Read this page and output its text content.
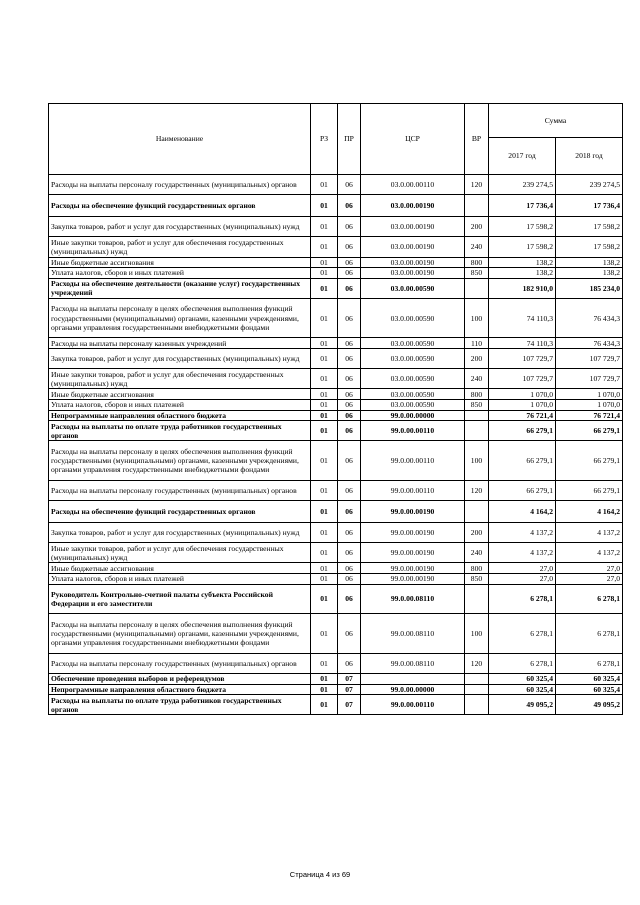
Наименование	РЗ	ПР	ЦСР	ВР	Сумма	
					2017 год	2018 год
Расходы на выплаты персоналу государственных (муниципальных) органов	01	06	03.0.00.00110	120	239 274,5	239 274,5
Расходы на обеспечение функций государственных органов	01	06	03.0.00.00190		17 736,4	17 736,4
Закупка товаров, работ и услуг для государственных (муниципальных) нужд	01	06	03.0.00.00190	200	17 598,2	17 598,2
Иные закупки товаров, работ и услуг для обеспечения государственных (муниципальных) нужд	01	06	03.0.00.00190	240	17 598,2	17 598,2
Иные бюджетные ассигнования	01	06	03.0.00.00190	800	138,2	138,2
Уплата налогов, сборов и иных платежей	01	06	03.0.00.00190	850	138,2	138,2
Расходы на обеспечение деятельности (оказание услуг) государственных учреждений	01	06	03.0.00.00590		182 910,0	185 234,0
Расходы на выплаты персоналу в целях обеспечения выполнения функций государственными (муниципальными) органами, казенными учреждениями, органами управления государственными внебюджетными фондами	01	06	03.0.00.00590	100	74 110,3	76 434,3
Расходы на выплаты персоналу казенных учреждений	01	06	03.0.00.00590	110	74 110,3	76 434,3
Закупка товаров, работ и услуг для государственных (муниципальных) нужд	01	06	03.0.00.00590	200	107 729,7	107 729,7
Иные закупки товаров, работ и услуг для обеспечения государственных (муниципальных) нужд	01	06	03.0.00.00590	240	107 729,7	107 729,7
Иные бюджетные ассигнования	01	06	03.0.00.00590	800	1 070,0	1 070,0
Уплата налогов, сборов и иных платежей	01	06	03.0.00.00590	850	1 070,0	1 070,0
Непрограммные направления областного бюджета	01	06	99.0.00.00000		76 721,4	76 721,4
Расходы на выплаты по оплате труда работников государственных органов	01	06	99.0.00.00110		66 279,1	66 279,1
Расходы на выплаты персоналу в целях обеспечения выполнения функций государственными (муниципальными) органами, казенными учреждениями, органами управления государственными внебюджетными фондами	01	06	99.0.00.00110	100	66 279,1	66 279,1
Расходы на выплаты персоналу государственных (муниципальных) органов	01	06	99.0.00.00110	120	66 279,1	66 279,1
Расходы на обеспечение функций государственных органов	01	06	99.0.00.00190		4 164,2	4 164,2
Закупка товаров, работ и услуг для государственных (муниципальных) нужд	01	06	99.0.00.00190	200	4 137,2	4 137,2
Иные закупки товаров, работ и услуг для обеспечения государственных (муниципальных) нужд	01	06	99.0.00.00190	240	4 137,2	4 137,2
Иные бюджетные ассигнования	01	06	99.0.00.00190	800	27,0	27,0
Уплата налогов, сборов и иных платежей	01	06	99.0.00.00190	850	27,0	27,0
Руководитель Контрольно-счетной палаты субъекта Российской Федерации и его заместители	01	06	99.0.00.08110		6 278,1	6 278,1
Расходы на выплаты персоналу в целях обеспечения выполнения функций государственными (муниципальными) органами, казенными учреждениями, органами управления государственными внебюджетными фондами	01	06	99.0.00.08110	100	6 278,1	6 278,1
Расходы на выплаты персоналу государственных (муниципальных) органов	01	06	99.0.00.08110	120	6 278,1	6 278,1
Обеспечение проведения выборов и референдумов	01	07			60 325,4	60 325,4
Непрограммные направления областного бюджета	01	07	99.0.00.00000		60 325,4	60 325,4
Расходы на выплаты по оплате труда работников государственных органов	01	07	99.0.00.00110		49 095,2	49 095,2
Страница 4 из 69
